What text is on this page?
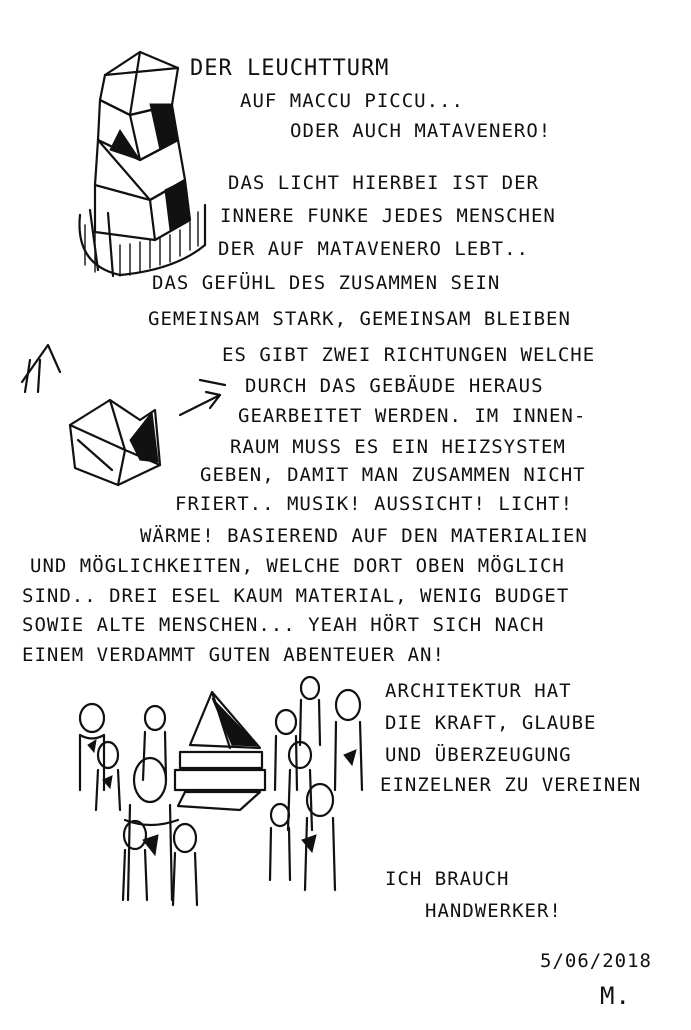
DER LEUCHTTURM
AUF MACCU PICCU...
ODER AUCH MATAVENERO!
DAS LICHT HIERBEI IST DER
INNERE FUNKE JEDES MENSCHEN
DER AUF MATAVENERO LEBT..
DAS GEFÜHL DES ZUSAMMEN SEIN
GEMEINSAM STARK, GEMEINSAM BLEIBEN
ES GIBT ZWEI RICHTUNGEN WELCHE
DURCH DAS GEBÄUDE HERAUS
GEARBEITET WERDEN. IM INNEN-
RAUM MUSS ES EIN HEIZSYSTEM
GEBEN, DAMIT MAN ZUSAMMEN NICHT
FRIERT.. MUSIK! AUSSICHT! LICHT!
WÄRME! BASIEREND AUF DEN MATERIALIEN
UND MÖGLICHKEITEN, WELCHE DORT OBEN MÖGLICH
SIND.. DREI ESEL KAUM MATERIAL, WENIG BUDGET
SOWIE ALTE MENSCHEN... YEAH HÖRT SICH NACH
EINEM VERDAMMT GUTEN ABENTEUER AN!
ARCHITEKTUR HAT
DIE KRAFT, GLAUBE
UND ÜBERZEUGUNG
EINZELNER ZU VEREINEN
ICH BRAUCH
HANDWERKER!
5/06/2018
M.
